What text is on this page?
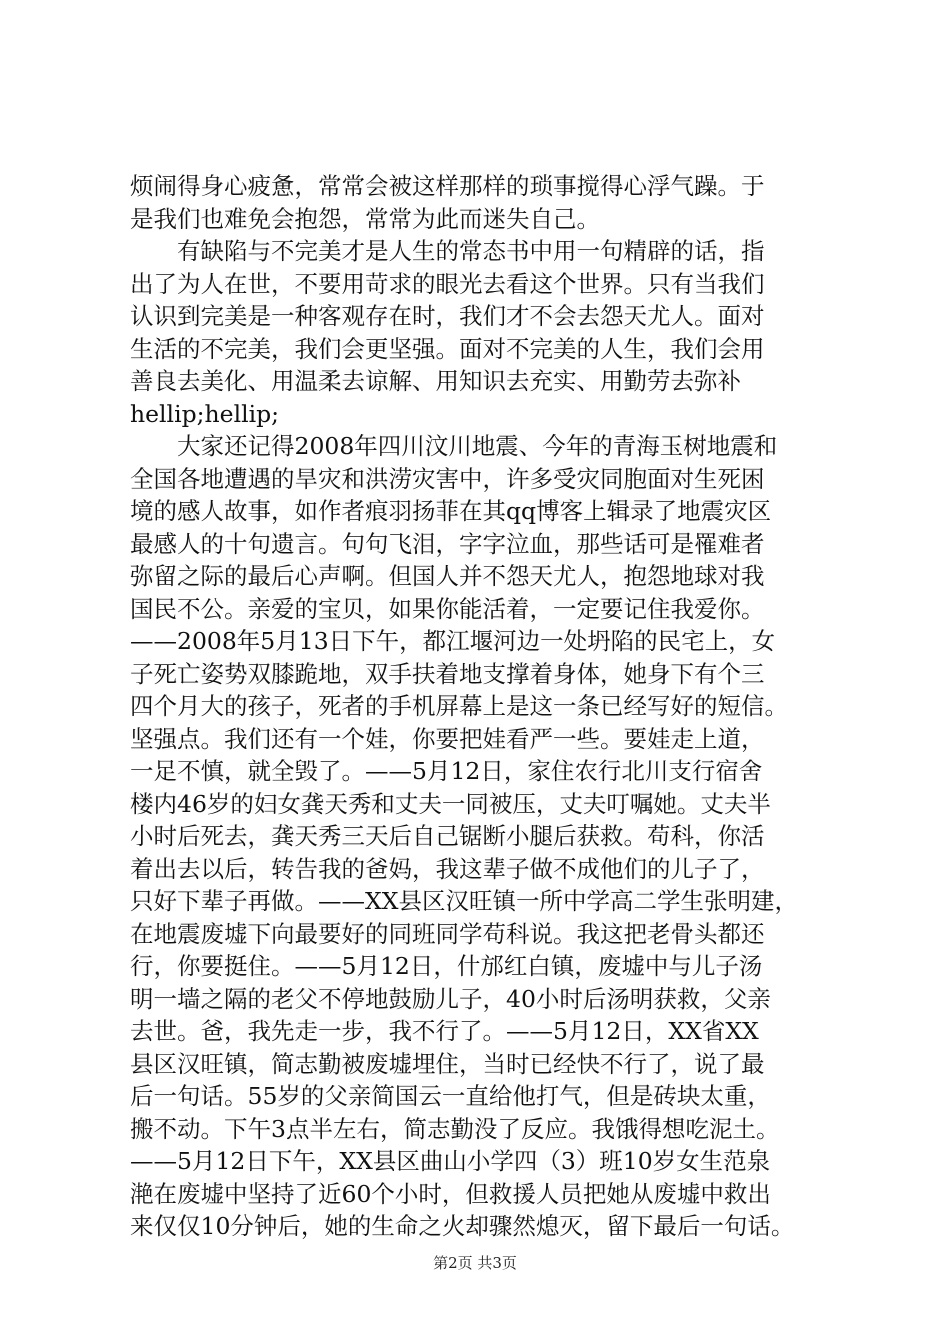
烦闹得身心疲惫，常常会被这样那样的琐事搅得心浮气躁。于
是我们也难免会抱怨，常常为此而迷失自己。
有缺陷与不完美才是人生的常态书中用一句精辟的话，指
出了为人在世，不要用苛求的眼光去看这个世界。只有当我们
认识到完美是一种客观存在时，我们才不会去怨天尤人。面对
生活的不完美，我们会更坚强。面对不完美的人生，我们会用
善良去美化、用温柔去谅解、用知识去充实、用勤劳去弥补
hellip;hellip;
大家还记得2008年四川汶川地震、今年的青海玉树地震和
全国各地遭遇的旱灾和洪涝灾害中，许多受灾同胞面对生死困
境的感人故事，如作者痕羽扬菲在其qq博客上辑录了地震灾区
最感人的十句遗言。句句飞泪，字字泣血，那些话可是罹难者
弥留之际的最后心声啊。但国人并不怨天尤人，抱怨地球对我
国民不公。亲爱的宝贝，如果你能活着，一定要记住我爱你。
——2008年5月13日下午，都江堰河边一处坍陷的民宅上，女
子死亡姿势双膝跪地，双手扶着地支撑着身体，她身下有个三
四个月大的孩子，死者的手机屏幕上是这一条已经写好的短信。
坚强点。我们还有一个娃，你要把娃看严一些。要娃走上道，
一足不慎，就全毁了。——5月12日，家住农行北川支行宿舍
楼内46岁的妇女龚天秀和丈夫一同被压，丈夫叮嘱她。丈夫半
小时后死去，龚天秀三天后自己锯断小腿后获救。苟科，你活
着出去以后，转告我的爸妈，我这辈子做不成他们的儿子了，
只好下辈子再做。——XX县区汉旺镇一所中学高二学生张明建，
在地震废墟下向最要好的同班同学苟科说。我这把老骨头都还
行，你要挺住。——5月12日，什邡红白镇，废墟中与儿子汤
明一墙之隔的老父不停地鼓励儿子，40小时后汤明获救，父亲
去世。爸，我先走一步，我不行了。——5月12日，XX省XX
县区汉旺镇，简志勤被废墟埋住，当时已经快不行了，说了最
后一句话。55岁的父亲简国云一直给他打气，但是砖块太重，
搬不动。下午3点半左右，简志勤没了反应。我饿得想吃泥土。
——5月12日下午，XX县区曲山小学四（3）班10岁女生范泉
滟在废墟中坚持了近60个小时，但救援人员把她从废墟中救出
来仅仅10分钟后，她的生命之火却骤然熄灭，留下最后一句话。
第2页 共3页
